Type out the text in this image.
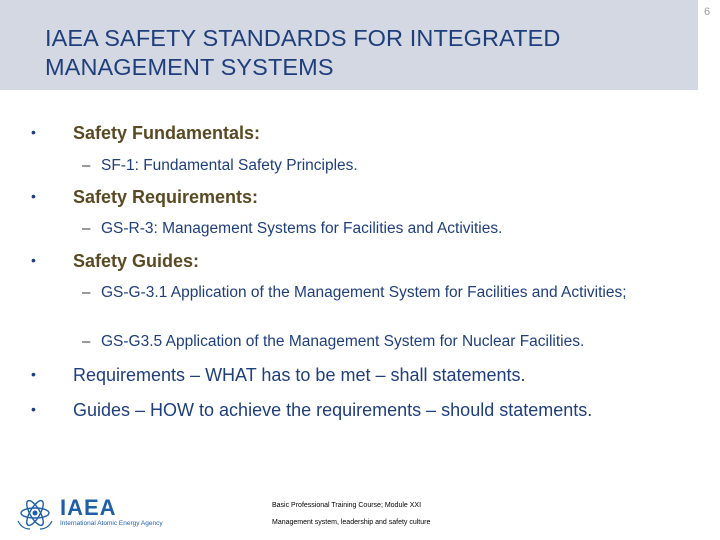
IAEA SAFETY STANDARDS FOR INTEGRATED MANAGEMENT SYSTEMS
6
• Safety Fundamentals:
– SF-1: Fundamental Safety Principles.
• Safety Requirements:
– GS-R-3: Management Systems for Facilities and Activities.
• Safety Guides:
– GS-G-3.1 Application of the Management System for Facilities and Activities;
– GS-G3.5 Application of the Management System for Nuclear Facilities.
• Requirements – WHAT has to be met – shall statements.
• Guides – HOW to achieve the requirements – should statements.
IAEA
International Atomic Energy Agency
Basic Professional Training Course; Module XXI
Management system, leadership and safety culture
